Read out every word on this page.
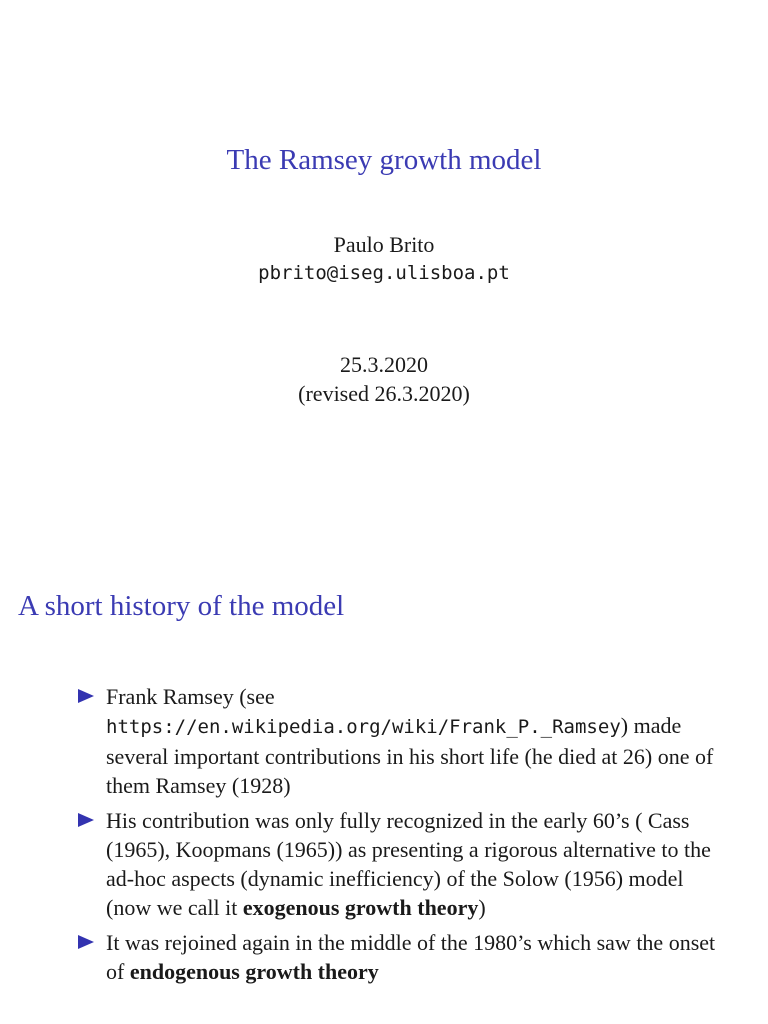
The Ramsey growth model
Paulo Brito
pbrito@iseg.ulisboa.pt
25.3.2020
(revised 26.3.2020)
A short history of the model
Frank Ramsey (see
https://en.wikipedia.org/wiki/Frank_P._Ramsey) made several important contributions in his short life (he died at 26) one of them Ramsey (1928)
His contribution was only fully recognized in the early 60’s ( Cass (1965), Koopmans (1965)) as presenting a rigorous alternative to the ad-hoc aspects (dynamic inefficiency) of the Solow (1956) model (now we call it exogenous growth theory)
It was rejoined again in the middle of the 1980’s which saw the onset of endogenous growth theory
